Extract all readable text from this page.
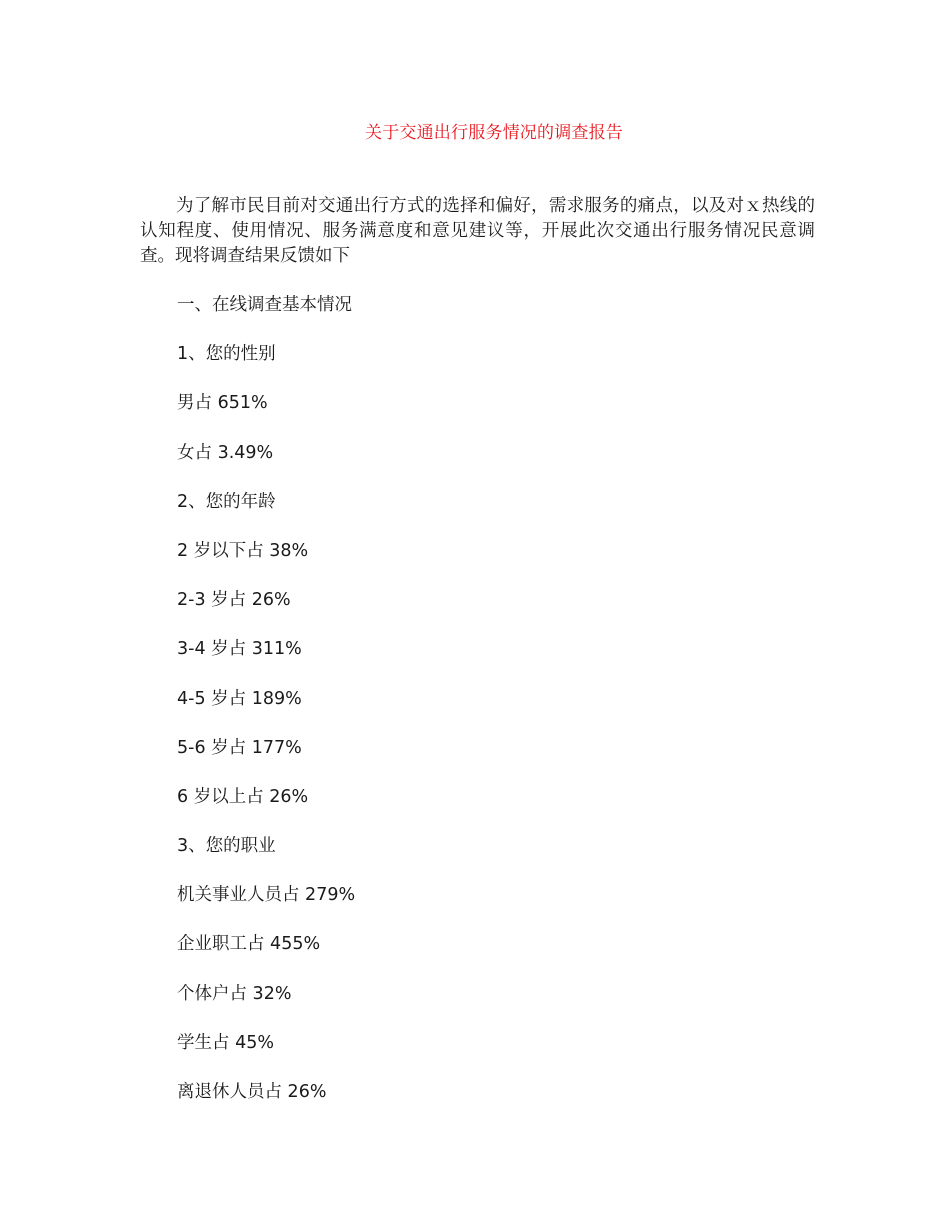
关于交通出行服务情况的调查报告

为了解市民目前对交通出行方式的选择和偏好，需求服务的痛点，以及对ｘ热线的认知程度、使用情况、服务满意度和意见建议等，开展此次交通出行服务情况民意调查。现将调查结果反馈如下

一、在线调查基本情况
1、您的性别
男占 651%
女占 3.49%
2、您的年龄
2 岁以下占 38%
2-3 岁占 26%
3-4 岁占 311%
4-5 岁占 189%
5-6 岁占 177%
6 岁以上占 26%
3、您的职业
机关事业人员占 279%
企业职工占 455%
个体户占 32%
学生占 45%
离退休人员占 26%
